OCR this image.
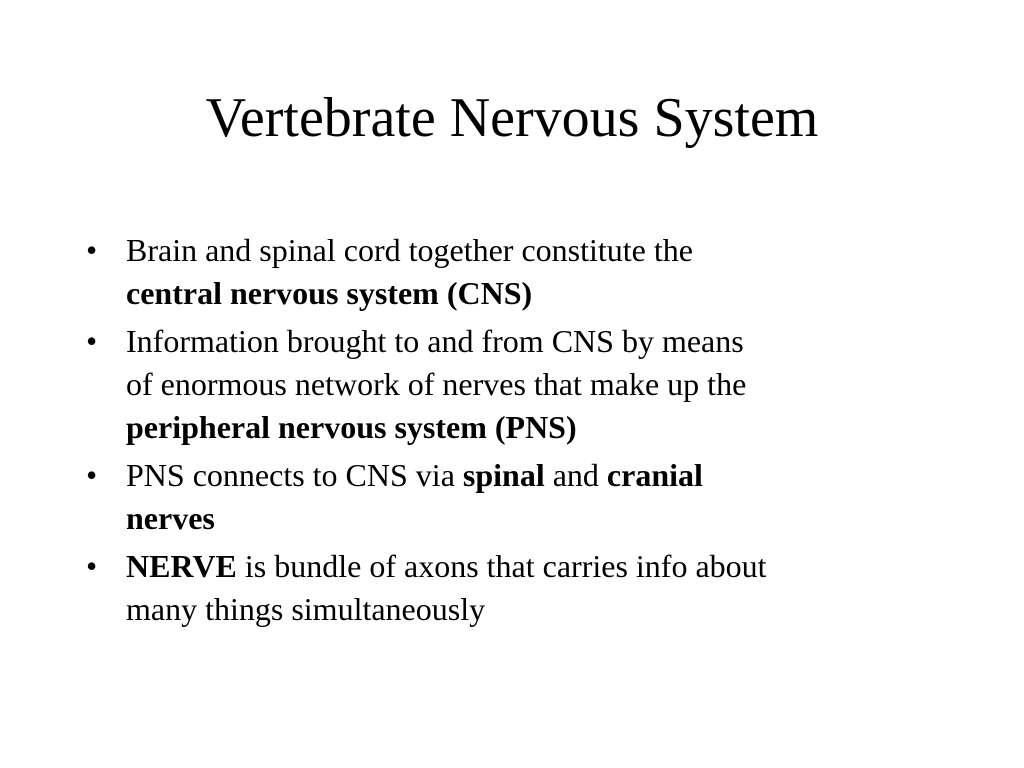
Vertebrate Nervous System
• Brain and spinal cord together constitute the
central nervous system (CNS)
• Information brought to and from CNS by means
of enormous network of nerves that make up the
peripheral nervous system (PNS)
• PNS connects to CNS via spinal and cranial
nerves
• NERVE is bundle of axons that carries info about
many things simultaneously
